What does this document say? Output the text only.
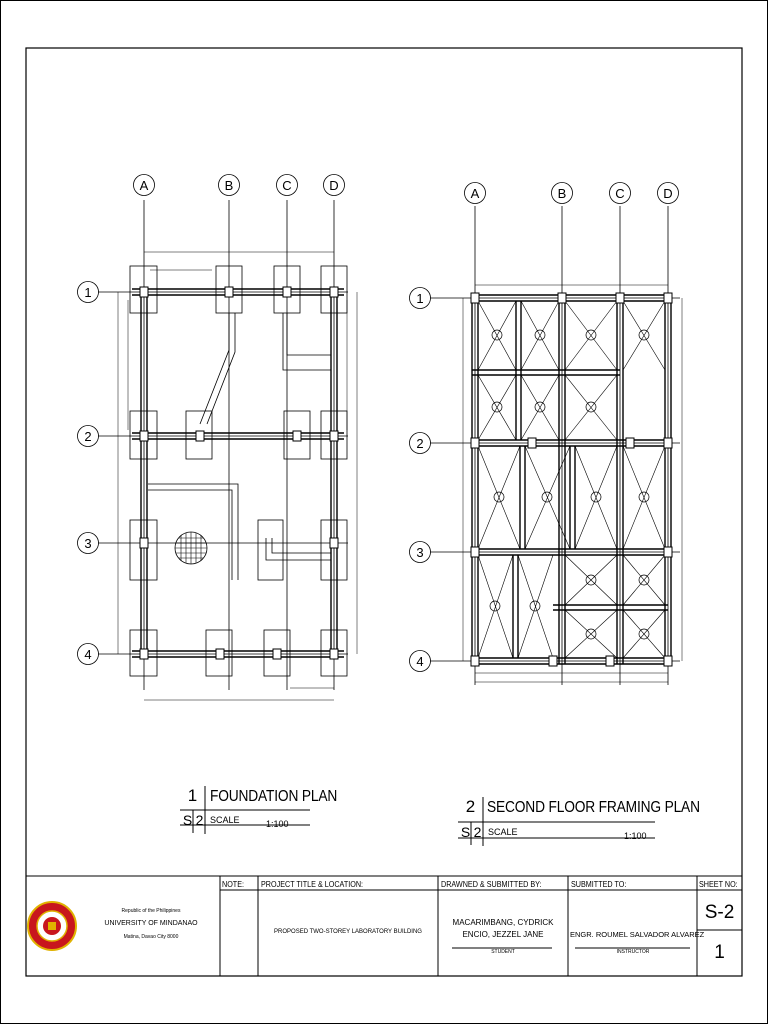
A	B	C	D
1
2
3
4
A	B	C	D
1
2
3
4
1
S 2
FOUNDATION PLAN
SCALE	1:100
2
S 2
SECOND FLOOR FRAMING PLAN
SCALE	1:100
Republic of the Philippines
UNIVERSITY OF MINDANAO
Matina, Davao City 8000
NOTE: PROJECT TITLE & LOCATION:
PROPOSED TWO-STOREY LABORATORY BUILDING
DRAWNED & SUBMITTED BY:
MACARIMBANG, CYDRICK
ENCIO, JEZZEL JANE
STUDENT
SUBMITTED TO:
ENGR. ROUMEL SALVADOR ALVAREZ
INSTRUCTOR
SHEET NO:
S-2
1
